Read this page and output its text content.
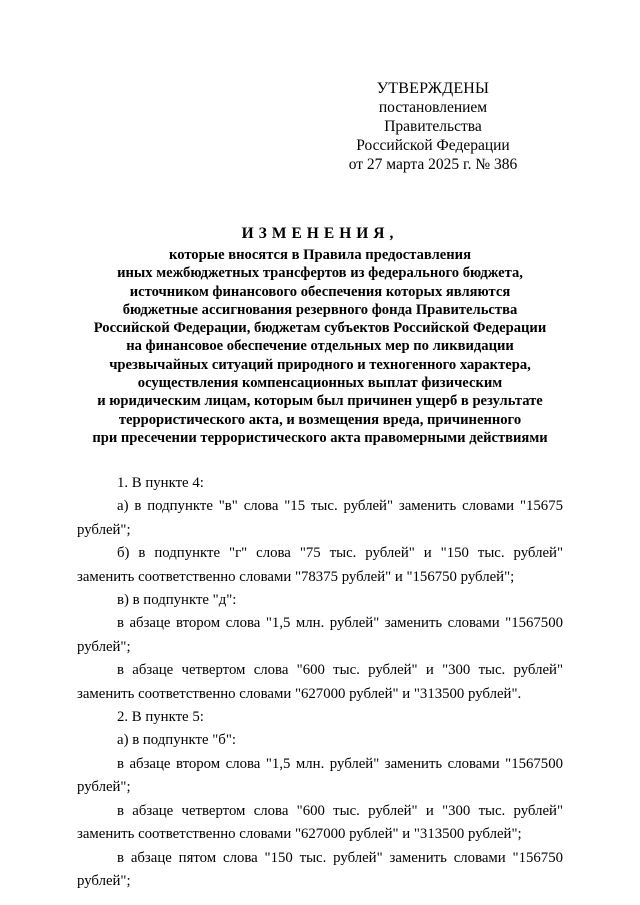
УТВЕРЖДЕНЫ
постановлением Правительства
Российской Федерации
от 27 марта 2025 г. № 386
ИЗМЕНЕНИЯ,
которые вносятся в Правила предоставления
иных межбюджетных трансфертов из федерального бюджета,
источником финансового обеспечения которых являются
бюджетные ассигнования резервного фонда Правительства
Российской Федерации, бюджетам субъектов Российской Федерации
на финансовое обеспечение отдельных мер по ликвидации
чрезвычайных ситуаций природного и техногенного характера,
осуществления компенсационных выплат физическим
и юридическим лицам, которым был причинен ущерб в результате
террористического акта, и возмещения вреда, причиненного
при пресечении террористического акта правомерными действиями
1. В пункте 4:
а) в подпункте "в" слова "15 тыс. рублей" заменить словами "15675 рублей";
б) в подпункте "г" слова "75 тыс. рублей" и "150 тыс. рублей" заменить соответственно словами "78375 рублей" и "156750 рублей";
в) в подпункте "д":
в абзаце втором слова "1,5 млн. рублей" заменить словами "1567500 рублей";
в абзаце четвертом слова "600 тыс. рублей" и "300 тыс. рублей" заменить соответственно словами "627000 рублей" и "313500 рублей".
2. В пункте 5:
а) в подпункте "б":
в абзаце втором слова "1,5 млн. рублей" заменить словами "1567500 рублей";
в абзаце четвертом слова "600 тыс. рублей" и "300 тыс. рублей" заменить соответственно словами "627000 рублей" и "313500 рублей";
в абзаце пятом слова "150 тыс. рублей" заменить словами "156750 рублей";
